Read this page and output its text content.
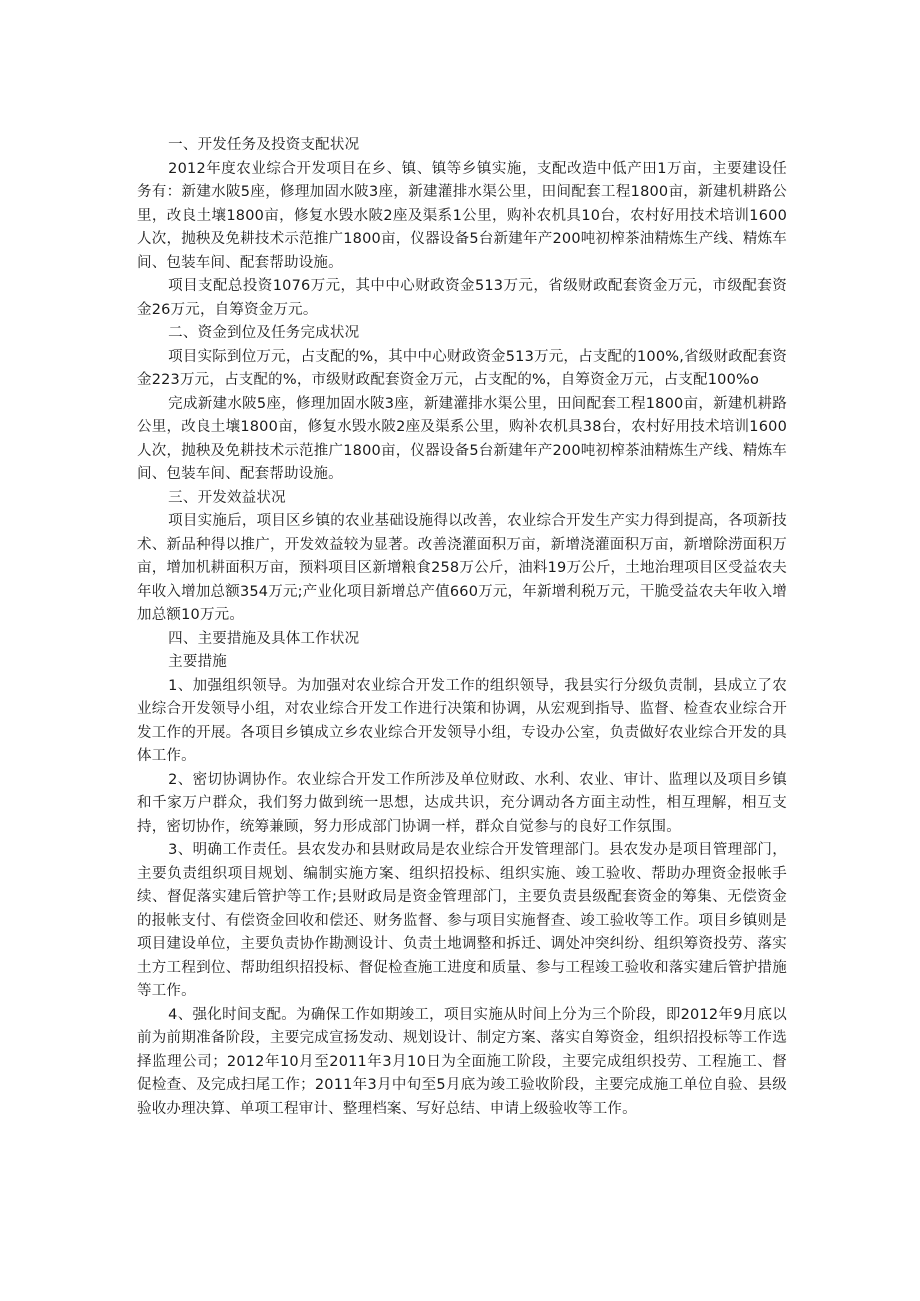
一、开发任务及投资支配状况

2012年度农业综合开发项目在乡、镇、镇等乡镇实施，支配改造中低产田1万亩，主要建设任务有：新建水陂5座，修理加固水陂3座，新建灌排水渠公里，田间配套工程1800亩，新建机耕路公里，改良土壤1800亩，修复水毁水陂2座及渠系1公里，购补农机具10台，农村好用技术培训1600人次，抛秧及免耕技术示范推广1800亩，仪器设备5台新建年产200吨初榨茶油精炼生产线、精炼车间、包装车间、配套帮助设施。

项目支配总投资1076万元，其中中心财政资金513万元，省级财政配套资金万元，市级配套资金26万元，自筹资金万元。

二、资金到位及任务完成状况

项目实际到位万元，占支配的%，其中中心财政资金513万元，占支配的100%,省级财政配套资金223万元，占支配的%，市级财政配套资金万元，占支配的%，自筹资金万元，占支配100%o

完成新建水陂5座，修理加固水陂3座，新建灌排水渠公里，田间配套工程1800亩，新建机耕路公里，改良土壤1800亩，修复水毁水陂2座及渠系公里，购补农机具38台，农村好用技术培训1600人次，抛秧及免耕技术示范推广1800亩，仪器设备5台新建年产200吨初榨茶油精炼生产线、精炼车间、包装车间、配套帮助设施。

三、开发效益状况

项目实施后，项目区乡镇的农业基础设施得以改善，农业综合开发生产实力得到提高，各项新技术、新品种得以推广，开发效益较为显著。改善浇灌面积万亩，新增浇灌面积万亩，新增除涝面积万亩，增加机耕面积万亩，预料项目区新增粮食258万公斤，油料19万公斤，土地治理项目区受益农夫年收入增加总额354万元;产业化项目新增总产值660万元，年新增利税万元，干脆受益农夫年收入增加总额10万元。

四、主要措施及具体工作状况

主要措施

1、加强组织领导。为加强对农业综合开发工作的组织领导，我县实行分级负责制，县成立了农业综合开发领导小组，对农业综合开发工作进行决策和协调，从宏观到指导、监督、检查农业综合开发工作的开展。各项目乡镇成立乡农业综合开发领导小组，专设办公室，负责做好农业综合开发的具体工作。

2、密切协调协作。农业综合开发工作所涉及单位财政、水利、农业、审计、监理以及项目乡镇和千家万户群众，我们努力做到统一思想，达成共识，充分调动各方面主动性，相互理解，相互支持，密切协作，统筹兼顾，努力形成部门协调一样，群众自觉参与的良好工作氛围。

3、明确工作责任。县农发办和县财政局是农业综合开发管理部门。县农发办是项目管理部门，主要负责组织项目规划、编制实施方案、组织招投标、组织实施、竣工验收、帮助办理资金报帐手续、督促落实建后管护等工作;县财政局是资金管理部门，主要负责县级配套资金的筹集、无偿资金的报帐支付、有偿资金回收和偿还、财务监督、参与项目实施督查、竣工验收等工作。项目乡镇则是项目建设单位，主要负责协作勘测设计、负责土地调整和拆迁、调处冲突纠纷、组织筹资投劳、落实土方工程到位、帮助组织招投标、督促检查施工进度和质量、参与工程竣工验收和落实建后管护措施等工作。

4、强化时间支配。为确保工作如期竣工，项目实施从时间上分为三个阶段，即2012年9月底以前为前期准备阶段，主要完成宣扬发动、规划设计、制定方案、落实自筹资金，组织招投标等工作选择监理公司；2012年10月至2011年3月10日为全面施工阶段，主要完成组织投劳、工程施工、督促检查、及完成扫尾工作；2011年3月中旬至5月底为竣工验收阶段，主要完成施工单位自验、县级验收办理决算、单项工程审计、整理档案、写好总结、申请上级验收等工作。
